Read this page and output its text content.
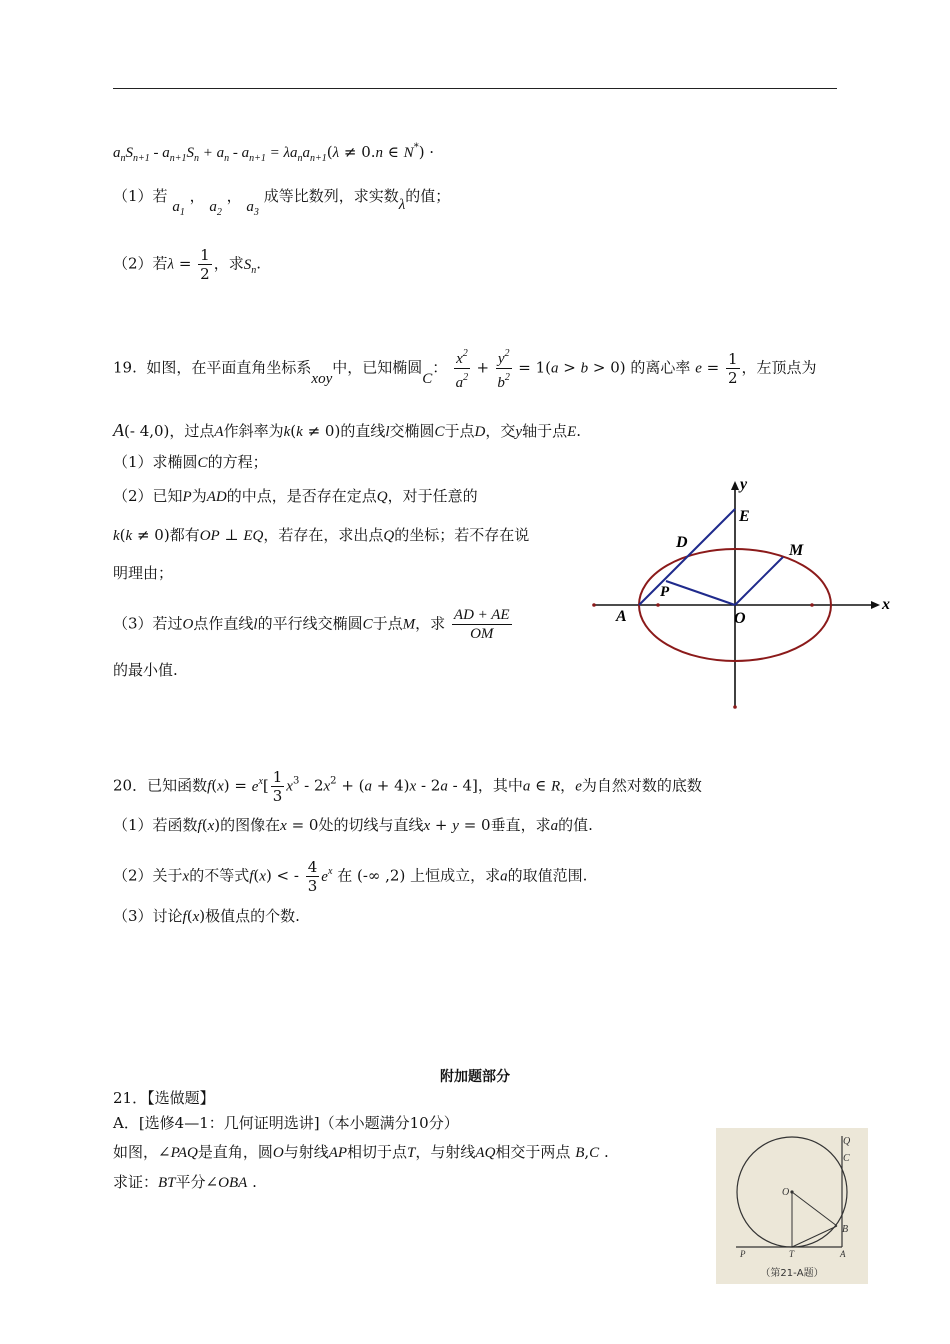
$a_nS_{n+1} - a_{n+1}S_n + a_n - a_{n+1} = \lambda a_na_{n+1}(\lambda \ne 0.n$ ∈ N*) ·
（1）若 $a_1$ ， $a_2$ ， $a_3$ 成等比数列，求实数λ的值；
（2）若$\lambda = \frac{1}{2}$ ，求$S_n$.
19. 如图，在平面直角坐标系xoy中，已知椭圆C： $\frac{x^2}{a^2} + \frac{y^2}{b^2} = 1(a > b > 0)$ 的离心率 $e = \frac{1}{2}$ ，左顶点为
A(- 4,0)，过点A作斜率为k(k ≠ 0)的直线l交椭圆C于点D，交y轴于点E.
（1）求椭圆C的方程；
（2）已知P为AD的中点，是否存在定点Q，对于任意的
k(k ≠ 0)都有OP ⊥ EQ，若存在，求出点Q的坐标；若不存在说
明理由；
（3）若过O点作直线l的平行线交椭圆C于点M，求 $\frac{AD + AE}{OM}$
的最小值.
y
x
E
D	M
P
A	O
20．已知函数$f(x) = e^x[ \frac{1}{3} x^3 - 2x^2 + (a + 4)x - 2a - 4]$，其中a ∈ R，e为自然对数的底数
（1）若函数f(x)的图像在x = 0处的切线与直线x + y = 0垂直，求a的值.
（2）关于x的不等式f(x) < - $\frac{4}{3} e^x$ 在 (-∞ ,2) 上恒成立，求a的取值范围.
（3）讨论f(x)极值点的个数.
附加题部分
21．【选做题】
A．[选修4—1：几何证明选讲]（本小题满分10分）
如图，∠PAQ是直角，圆O与射线AP相切于点T，与射线AQ相交于两点 B,C .
求证：BT平分∠OBA .
Q
C
O
B
P	T	A
（第21-A题）
